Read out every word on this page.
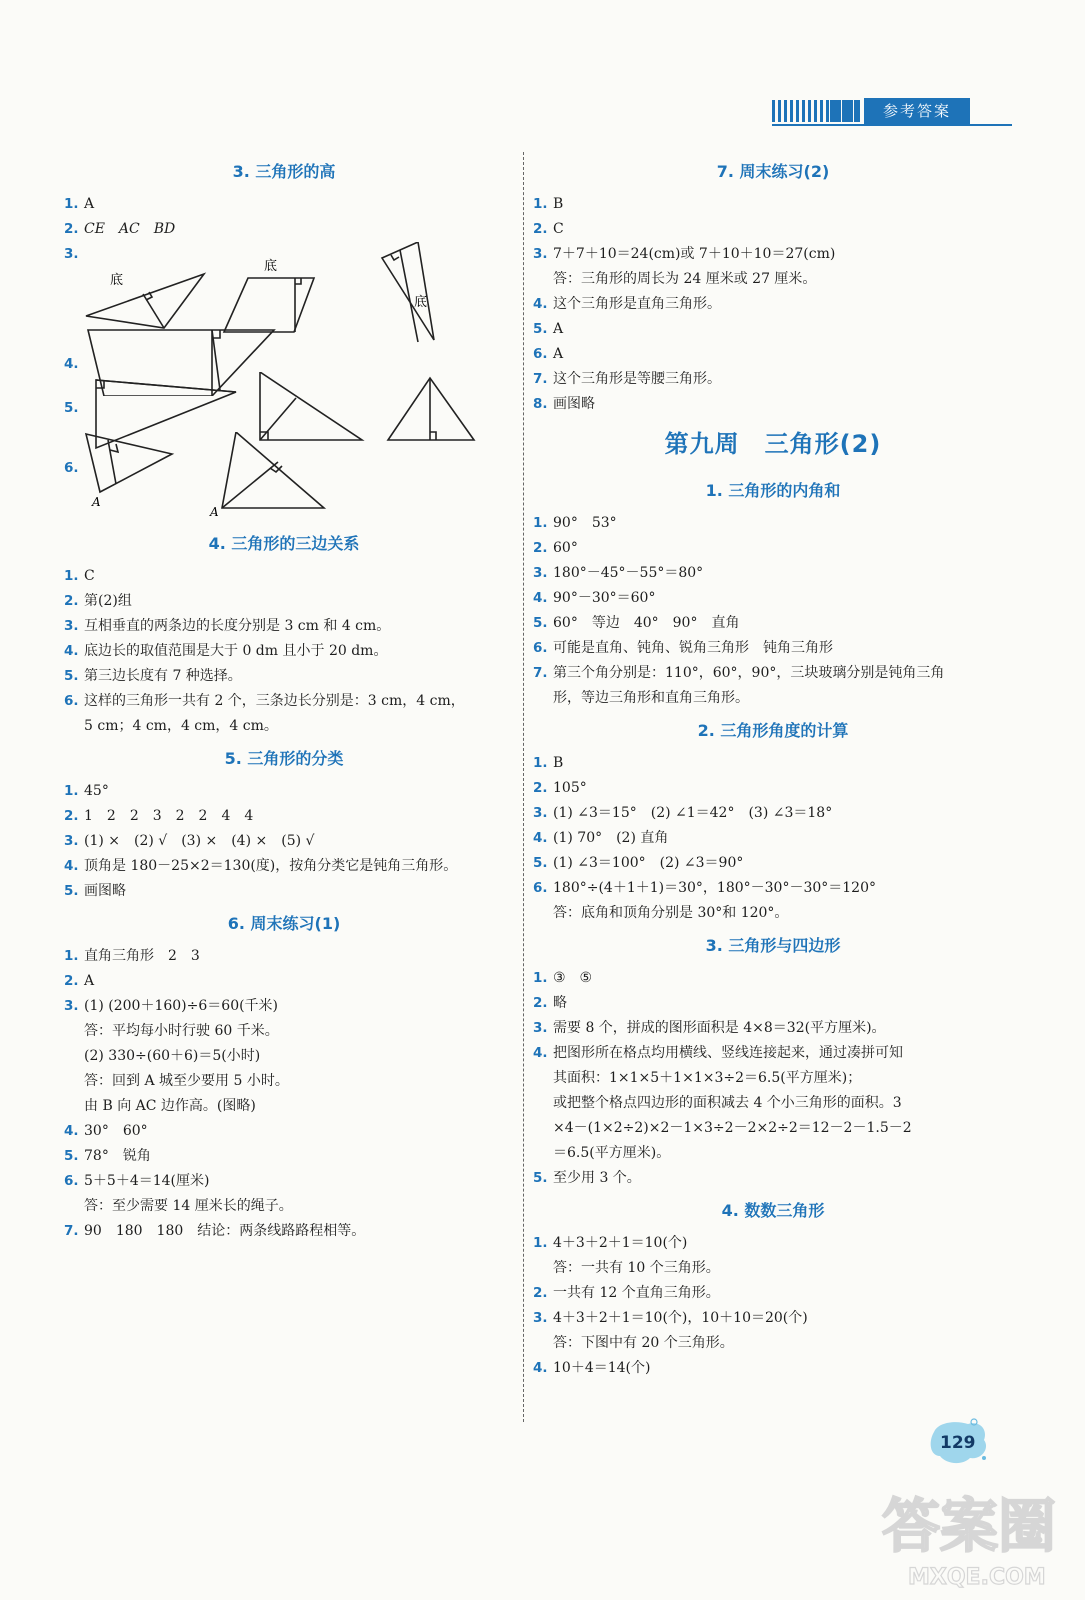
参考答案
3. 三角形的高
1. A
2. CE　AC　BD
3.
底
底
底
4.
5.
6.
A
A
4. 三角形的三边关系
1. C
2. 第(2)组
3. 互相垂直的两条边的长度分别是 3 cm 和 4 cm。
4. 底边长的取值范围是大于 0 dm 且小于 20 dm。
5. 第三边长度有 7 种选择。
6. 这样的三角形一共有 2 个，三条边长分别是：3 cm，4 cm，
5 cm；4 cm，4 cm，4 cm。
5. 三角形的分类
1. 45°
2. 1　2　2　3　2　2　4　4
3. (1) ×　(2) √　(3) ×　(4) ×　(5) √
4. 顶角是 180－25×2＝130(度)，按角分类它是钝角三角形。
5. 画图略
6. 周末练习(1)
1. 直角三角形　2　3
2. A
3. (1) (200＋160)÷6＝60(千米)
答：平均每小时行驶 60 千米。
(2) 330÷(60＋6)＝5(小时)
答：回到 A 城至少要用 5 小时。
由 B 向 AC 边作高。(图略)
4. 30°　60°
5. 78°　锐角
6. 5＋5＋4＝14(厘米)
答：至少需要 14 厘米长的绳子。
7. 90　180　180　结论：两条线路路程相等。
7. 周末练习(2)
1. B
2. C
3. 7＋7＋10＝24(cm)或 7＋10＋10＝27(cm)
答：三角形的周长为 24 厘米或 27 厘米。
4. 这个三角形是直角三角形。
5. A
6. A
7. 这个三角形是等腰三角形。
8. 画图略
第九周　三角形(2)
1. 三角形的内角和
1. 90°　53°
2. 60°
3. 180°－45°－55°＝80°
4. 90°－30°＝60°
5. 60°　等边　40°　90°　直角
6. 可能是直角、钝角、锐角三角形　钝角三角形
7. 第三个角分别是：110°，60°，90°，三块玻璃分别是钝角三角
形，等边三角形和直角三角形。
2. 三角形角度的计算
1. B
2. 105°
3. (1) ∠3＝15°　(2) ∠1＝42°　(3) ∠3＝18°
4. (1) 70°　(2) 直角
5. (1) ∠3＝100°　(2) ∠3＝90°
6. 180°÷(4＋1＋1)＝30°，180°－30°－30°＝120°
答：底角和顶角分别是 30°和 120°。
3. 三角形与四边形
1. ③　⑤
2. 略
3. 需要 8 个，拼成的图形面积是 4×8＝32(平方厘米)。
4. 把图形所在格点均用横线、竖线连接起来，通过凑拼可知
其面积：1×1×5＋1×1×3÷2＝6.5(平方厘米)；
或把整个格点四边形的面积减去 4 个小三角形的面积。3
×4－(1×2÷2)×2－1×3÷2－2×2÷2＝12－2－1.5－2
＝6.5(平方厘米)。
5. 至少用 3 个。
4. 数数三角形
1. 4＋3＋2＋1＝10(个)
答：一共有 10 个三角形。
2. 一共有 12 个直角三角形。
3. 4＋3＋2＋1＝10(个)，10＋10＝20(个)
答：下图中有 20 个三角形。
4. 10＋4＝14(个)
129
答案圈
MXQE.COM
